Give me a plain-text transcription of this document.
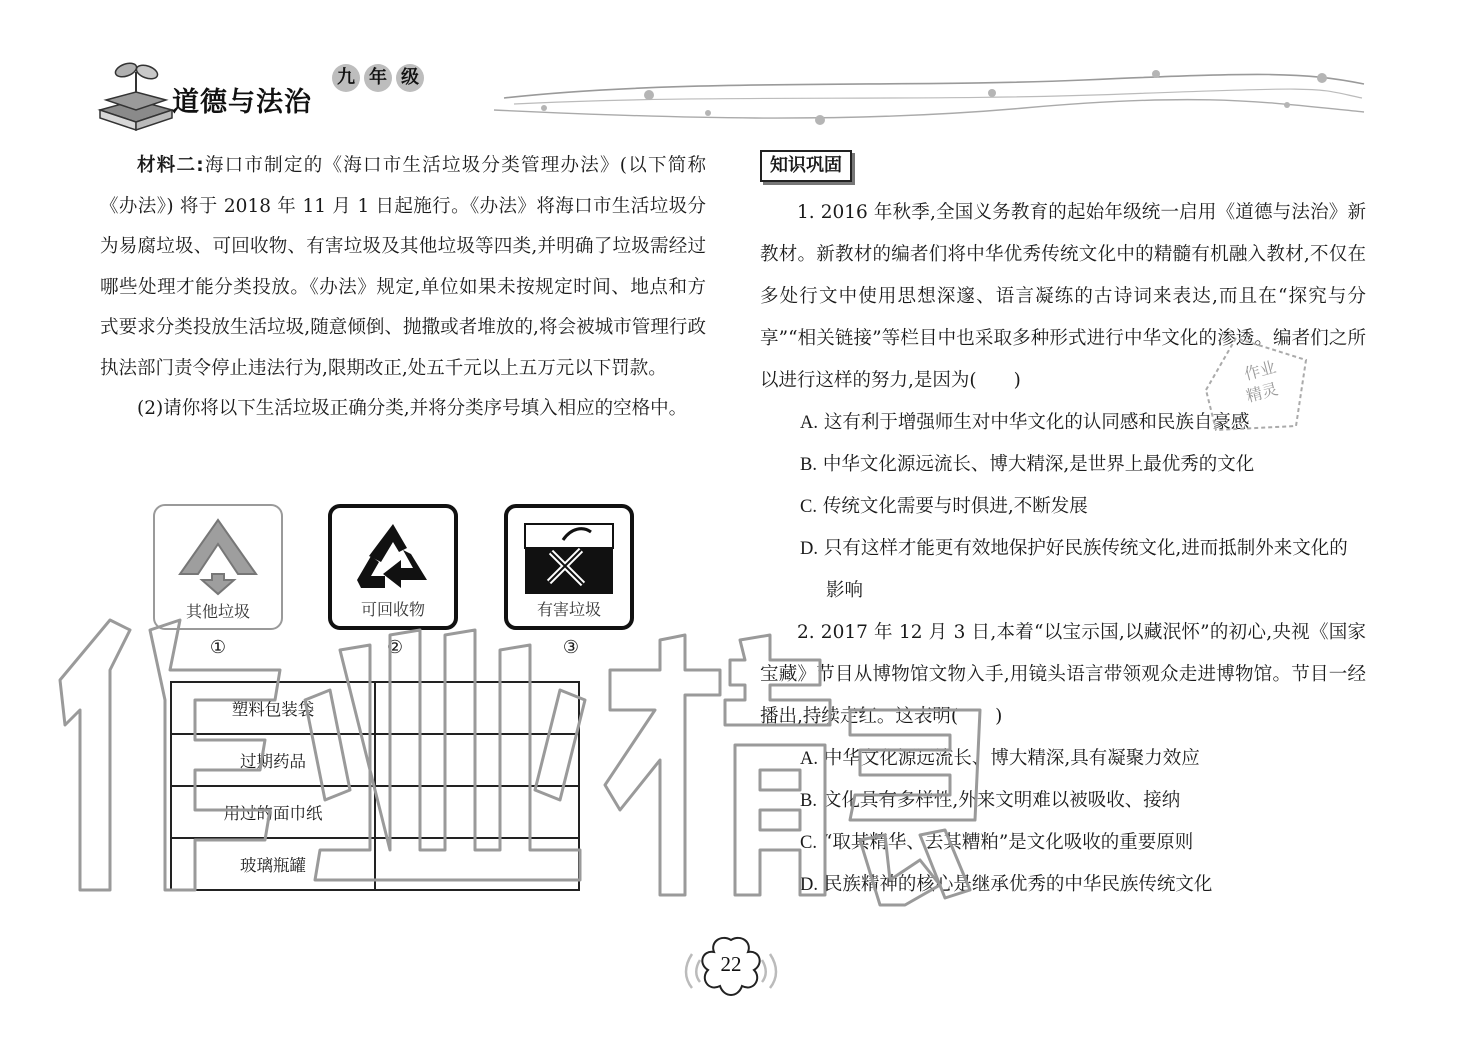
道德与法治
九 年 级

材料二:海口市制定的《海口市生活垃圾分类管理办法》(以下简称《办法》) 将于 2018 年 11 月 1 日起施行。《办法》将海口市生活垃圾分为易腐垃圾、可回收物、有害垃圾及其他垃圾等四类,并明确了垃圾需经过哪些处理才能分类投放。《办法》规定,单位如果未按规定时间、地点和方式要求分类投放生活垃圾,随意倾倒、抛撒或者堆放的,将会被城市管理行政执法部门责令停止违法行为,限期改正,处五千元以上五万元以下罚款。

(2)请你将以下生活垃圾正确分类,并将分类序号填入相应的空格中。

其他垃圾	可回收物	有害垃圾
①	②	③
塑料包装袋	
过期药品	
用过的面巾纸	
玻璃瓶罐	
知识巩固

1. 2016 年秋季,全国义务教育的起始年级统一启用《道德与法治》新教材。新教材的编者们将中华优秀传统文化中的精髓有机融入教材,不仅在多处行文中使用思想深邃、语言凝练的古诗词来表达,而且在“探究与分享”“相关链接”等栏目中也采取多种形式进行中华文化的渗透。编者们之所以进行这样的努力,是因为(　　)

A. 这有利于增强师生对中华文化的认同感和民族自豪感

B. 中华文化源远流长、博大精深,是世界上最优秀的文化

C. 传统文化需要与时俱进,不断发展

D. 只有这样才能更有效地保护好民族传统文化,进而抵制外来文化的影响

2. 2017 年 12 月 3 日,本着“以宝示国,以藏泯怀”的初心,央视《国家宝藏》节目从博物馆文物入手,用镜头语言带领观众走进博物馆。节目一经播出,持续走红。这表明(　　)

A. 中华文化源远流长、博大精深,具有凝聚力效应

B. 文化具有多样性,外来文明难以被吸收、接纳

C. “取其精华、去其糟粕”是文化吸收的重要原则

D. 民族精神的核心是继承优秀的中华民族传统文化

作业
精灵
22
